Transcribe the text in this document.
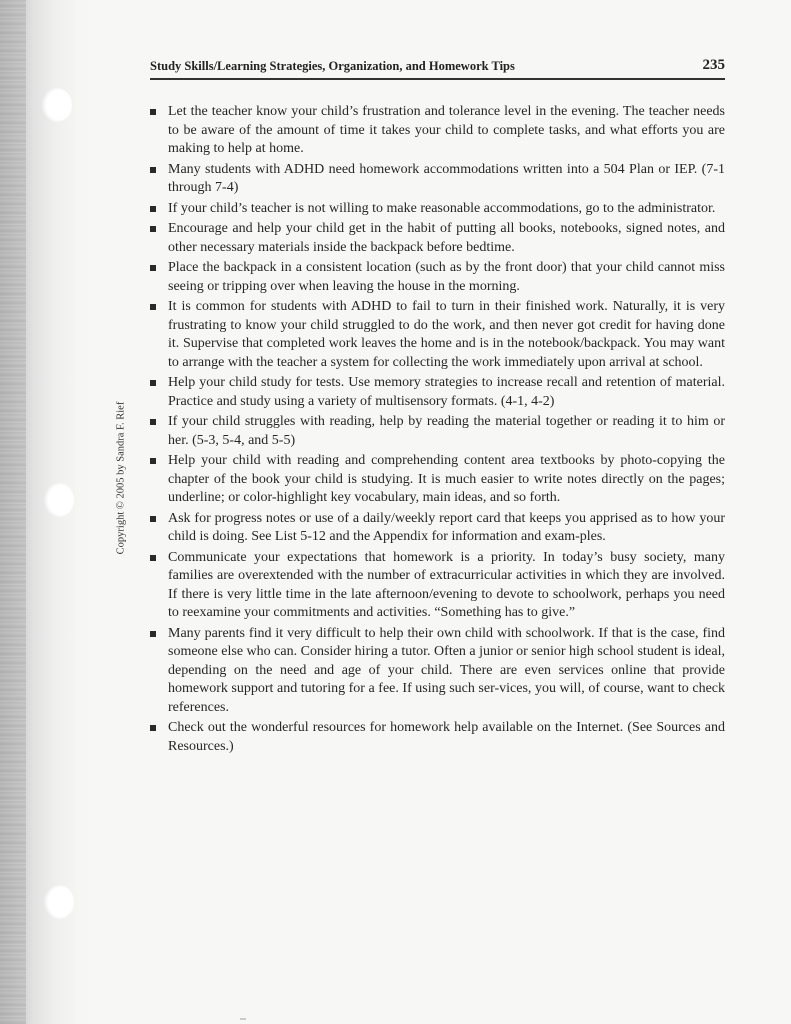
Copyright © 2005 by Sandra F. Rief
Study Skills/Learning Strategies, Organization, and Homework Tips	235
Let the teacher know your child’s frustration and tolerance level in the evening. The teacher needs to be aware of the amount of time it takes your child to complete tasks, and what efforts you are making to help at home.
Many students with ADHD need homework accommodations written into a 504 Plan or IEP. (7-1 through 7-4)
If your child’s teacher is not willing to make reasonable accommodations, go to the administrator.
Encourage and help your child get in the habit of putting all books, notebooks, signed notes, and other necessary materials inside the backpack before bedtime.
Place the backpack in a consistent location (such as by the front door) that your child cannot miss seeing or tripping over when leaving the house in the morning.
It is common for students with ADHD to fail to turn in their finished work. Naturally, it is very frustrating to know your child struggled to do the work, and then never got credit for having done it. Supervise that completed work leaves the home and is in the notebook/backpack. You may want to arrange with the teacher a system for collecting the work immediately upon arrival at school.
Help your child study for tests. Use memory strategies to increase recall and retention of material. Practice and study using a variety of multisensory formats. (4-1, 4-2)
If your child struggles with reading, help by reading the material together or reading it to him or her. (5-3, 5-4, and 5-5)
Help your child with reading and comprehending content area textbooks by photo-copying the chapter of the book your child is studying. It is much easier to write notes directly on the pages; underline; or color-highlight key vocabulary, main ideas, and so forth.
Ask for progress notes or use of a daily/weekly report card that keeps you apprised as to how your child is doing. See List 5-12 and the Appendix for information and exam-ples.
Communicate your expectations that homework is a priority. In today’s busy society, many families are overextended with the number of extracurricular activities in which they are involved. If there is very little time in the late afternoon/evening to devote to schoolwork, perhaps you need to reexamine your commitments and activities. “Something has to give.”
Many parents find it very difficult to help their own child with schoolwork. If that is the case, find someone else who can. Consider hiring a tutor. Often a junior or senior high school student is ideal, depending on the need and age of your child. There are even services online that provide homework support and tutoring for a fee. If using such ser-vices, you will, of course, want to check references.
Check out the wonderful resources for homework help available on the Internet. (See Sources and Resources.)
